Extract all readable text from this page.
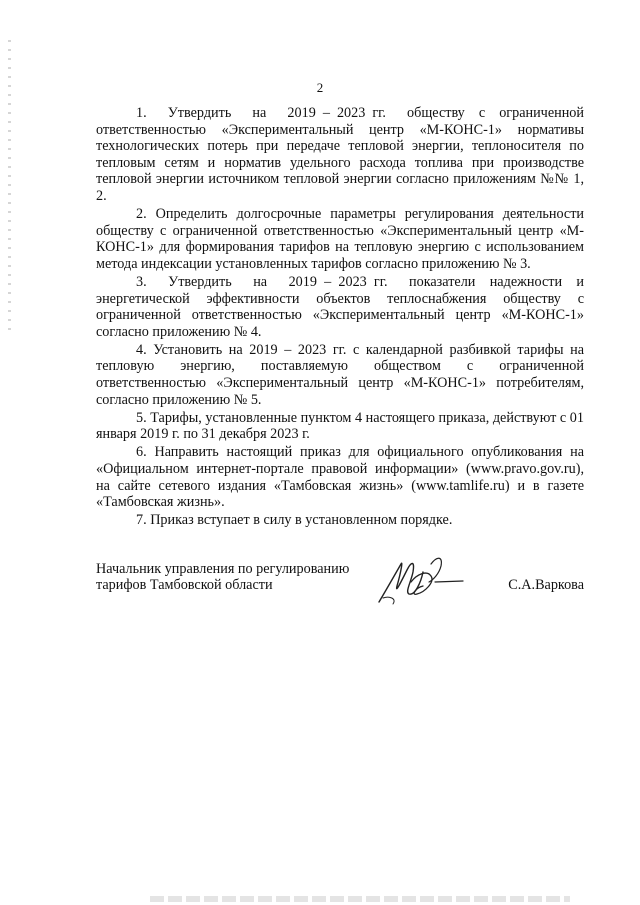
2

1.   Утвердить   на   2019 – 2023 гг.   обществу  с  ограниченной ответственностью «Экспериментальный центр «М-КОНС-1» нормативы технологических потерь при передаче тепловой энергии, теплоносителя по тепловым сетям и норматив удельного расхода топлива при производстве тепловой энергии источником тепловой энергии согласно приложениям №№ 1, 2.

2. Определить долгосрочные параметры регулирования деятельности обществу с ограниченной ответственностью «Экспериментальный центр «М-КОНС-1» для формирования тарифов на тепловую энергию с использованием метода индексации установленных тарифов согласно приложению № 3.

3.   Утвердить   на   2019 – 2023 гг.   показатели  надежности  и энергетической эффективности объектов теплоснабжения обществу с ограниченной ответственностью «Экспериментальный центр «М-КОНС-1» согласно приложению № 4.

4. Установить на 2019 – 2023 гг. с календарной разбивкой тарифы на тепловую энергию, поставляемую обществом с ограниченной ответственностью «Экспериментальный центр «М-КОНС-1» потребителям, согласно приложению № 5.

5. Тарифы, установленные пунктом 4 настоящего приказа, действуют с 01 января 2019 г. по 31 декабря 2023 г.

6. Направить настоящий приказ для официального опубликования на «Официальном интернет-портале правовой информации» (www.pravo.gov.ru), на сайте сетевого издания «Тамбовская жизнь» (www.tamlife.ru) и в газете «Тамбовская жизнь».

7. Приказ вступает в силу в установленном порядке.

Начальник управления по регулированию
тарифов Тамбовской области	С.А.Варкова
